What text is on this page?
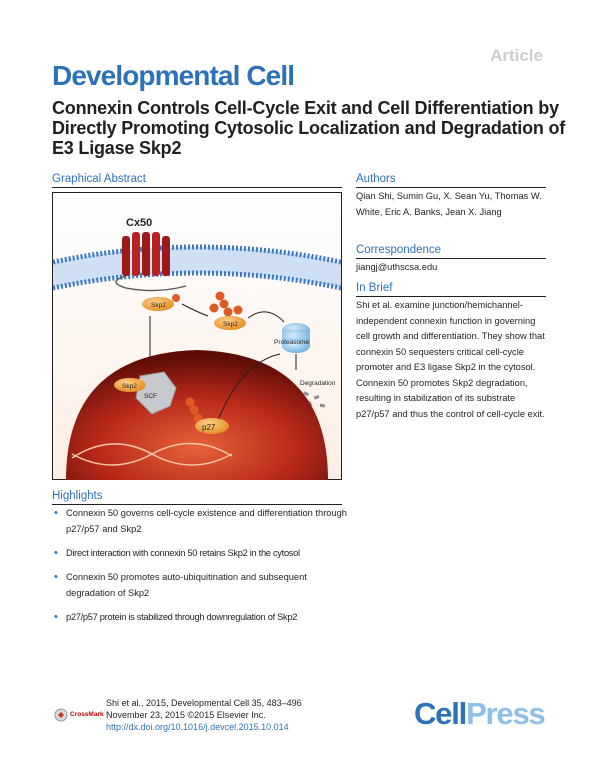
Article
Developmental Cell
Connexin Controls Cell-Cycle Exit and Cell Differentiation by Directly Promoting Cytosolic Localization and Degradation of E3 Ligase Skp2
Graphical Abstract
Cx50
Skp2
Skp2
Proteasome
Degradation
SCF
Skp2
p27
Authors
Qian Shi, Sumin Gu, X. Sean Yu, Thomas W. White, Eric A. Banks, Jean X. Jiang
Correspondence
jiangj@uthscsa.edu
In Brief
Shi et al. examine junction/hemichannel-independent connexin function in governing cell growth and differentiation. They show that connexin 50 sequesters critical cell-cycle promoter and E3 ligase Skp2 in the cytosol. Connexin 50 promotes Skp2 degradation, resulting in stabilization of its substrate p27/p57 and thus the control of cell-cycle exit.
Highlights
• Connexin 50 governs cell-cycle existence and differentiation through p27/p57 and Skp2
• Direct interaction with connexin 50 retains Skp2 in the cytosol
• Connexin 50 promotes auto-ubiquitination and subsequent degradation of Skp2
• p27/p57 protein is stabilized through downregulation of Skp2
Shi et al., 2015, Developmental Cell 35, 483–496
November 23, 2015 ©2015 Elsevier Inc.
http://dx.doi.org/10.1016/j.devcel.2015.10.014
CrossMark	CellPress
